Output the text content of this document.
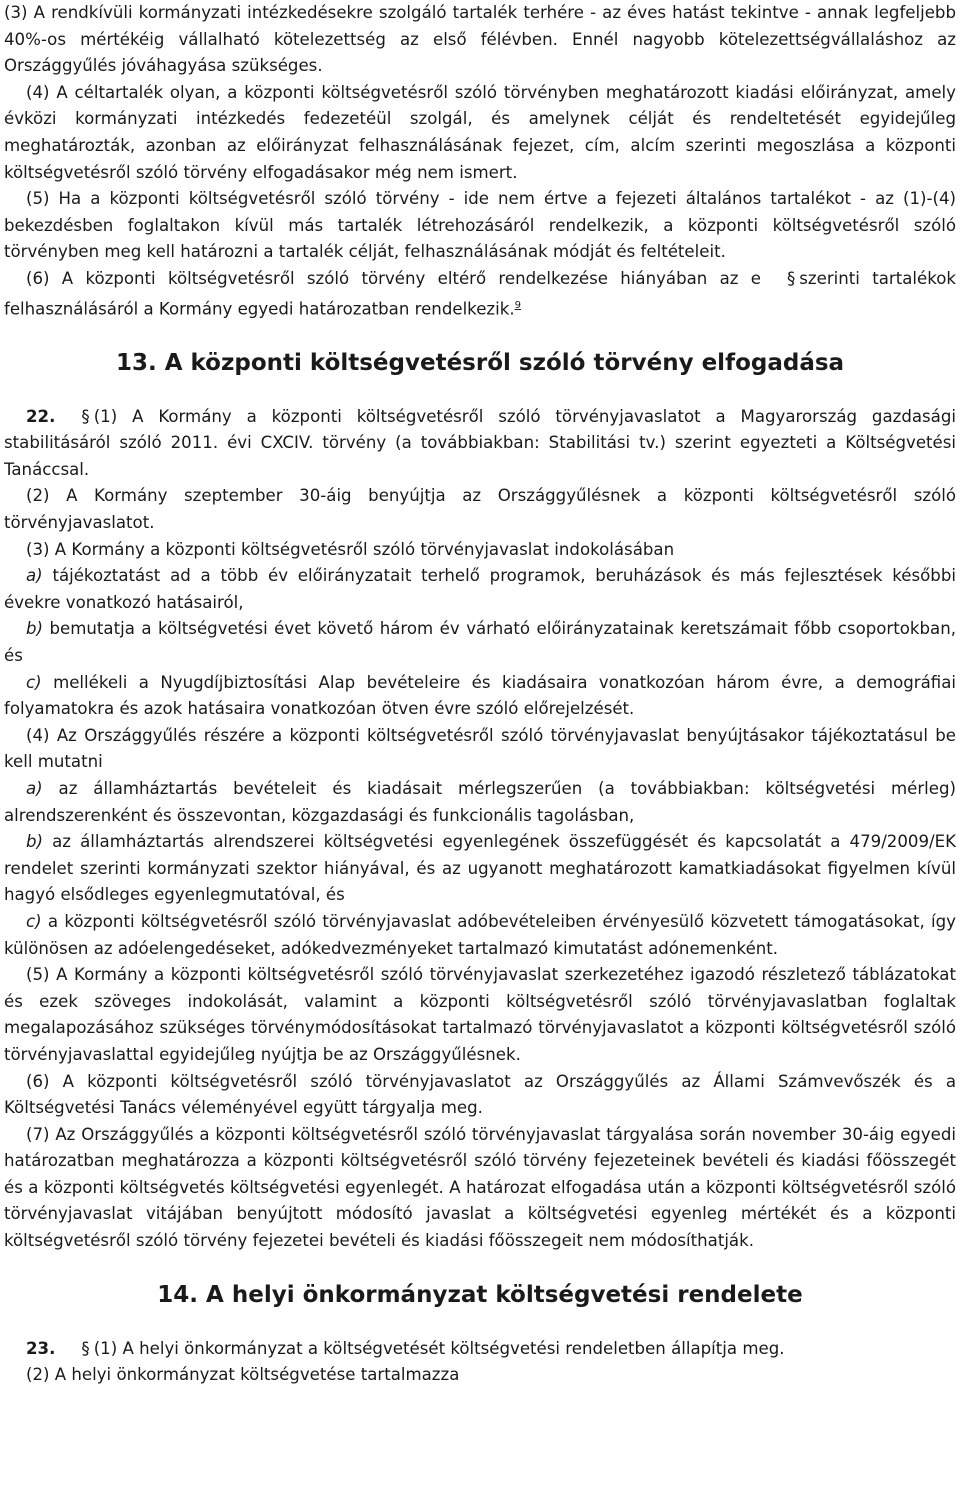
(3) A rendkívüli kormányzati intézkedésekre szolgáló tartalék terhére - az éves hatást tekintve - annak legfeljebb 40%-os mértékéig vállalható kötelezettség az első félévben. Ennél nagyobb kötelezettségvállaláshoz az Országgyűlés jóváhagyása szükséges.

(4) A céltartalék olyan, a központi költségvetésről szóló törvényben meghatározott kiadási előirányzat, amely évközi kormányzati intézkedés fedezetéül szolgál, és amelynek célját és rendeltetését egyidejűleg meghatározták, azonban az előirányzat felhasználásának fejezet, cím, alcím szerinti megoszlása a központi költségvetésről szóló törvény elfogadásakor még nem ismert.

(5) Ha a központi költségvetésről szóló törvény - ide nem értve a fejezeti általános tartalékot - az (1)-(4) bekezdésben foglaltakon kívül más tartalék létrehozásáról rendelkezik, a központi költségvetésről szóló törvényben meg kell határozni a tartalék célját, felhasználásának módját és feltételeit.

(6) A központi költségvetésről szóló törvény eltérő rendelkezése hiányában az e § szerinti tartalékok felhasználásáról a Kormány egyedi határozatban rendelkezik.$^9$

13. A központi költségvetésről szóló törvény elfogadása

22. § (1) A Kormány a központi költségvetésről szóló törvényjavaslatot a Magyarország gazdasági stabilitásáról szóló 2011. évi CXCIV. törvény (a továbbiakban: Stabilitási tv.) szerint egyezteti a Költségvetési Tanáccsal.

(2) A Kormány szeptember 30-áig benyújtja az Országgyűlésnek a központi költségvetésről szóló törvényjavaslatot.

(3) A Kormány a központi költségvetésről szóló törvényjavaslat indokolásában

a) tájékoztatást ad a több év előirányzatait terhelő programok, beruházások és más fejlesztések későbbi évekre vonatkozó hatásairól,

b) bemutatja a költségvetési évet követő három év várható előirányzatainak keretszámait főbb csoportokban, és

c) mellékeli a Nyugdíjbiztosítási Alap bevételeire és kiadásaira vonatkozóan három évre, a demográfiai folyamatokra és azok hatásaira vonatkozóan ötven évre szóló előrejelzését.

(4) Az Országgyűlés részére a központi költségvetésről szóló törvényjavaslat benyújtásakor tájékoztatásul be kell mutatni

a) az államháztartás bevételeit és kiadásait mérlegszerűen (a továbbiakban: költségvetési mérleg) alrendszerenként és összevontan, közgazdasági és funkcionális tagolásban,

b) az államháztartás alrendszerei költségvetési egyenlegének összefüggését és kapcsolatát a 479/2009/EK rendelet szerinti kormányzati szektor hiányával, és az ugyanott meghatározott kamatkiadásokat figyelmen kívül hagyó elsődleges egyenlegmutatóval, és

c) a központi költségvetésről szóló törvényjavaslat adóbevételeiben érvényesülő közvetett támogatásokat, így különösen az adóelengedéseket, adókedvezményeket tartalmazó kimutatást adónemenként.

(5) A Kormány a központi költségvetésről szóló törvényjavaslat szerkezetéhez igazodó részletező táblázatokat és ezek szöveges indokolását, valamint a központi költségvetésről szóló törvényjavaslatban foglaltak megalapozásához szükséges törvénymódosításokat tartalmazó törvényjavaslatot a központi költségvetésről szóló törvényjavaslattal egyidejűleg nyújtja be az Országgyűlésnek.

(6) A központi költségvetésről szóló törvényjavaslatot az Országgyűlés az Állami Számvevőszék és a Költségvetési Tanács véleményével együtt tárgyalja meg.

(7) Az Országgyűlés a központi költségvetésről szóló törvényjavaslat tárgyalása során november 30-áig egyedi határozatban meghatározza a központi költségvetésről szóló törvény fejezeteinek bevételi és kiadási főösszegét és a központi költségvetés költségvetési egyenlegét. A határozat elfogadása után a központi költségvetésről szóló törvényjavaslat vitájában benyújtott módosító javaslat a költségvetési egyenleg mértékét és a központi költségvetésről szóló törvény fejezetei bevételi és kiadási főösszegeit nem módosíthatják.

14. A helyi önkormányzat költségvetési rendelete

23. § (1) A helyi önkormányzat a költségvetését költségvetési rendeletben állapítja meg.

(2) A helyi önkormányzat költségvetése tartalmazza
